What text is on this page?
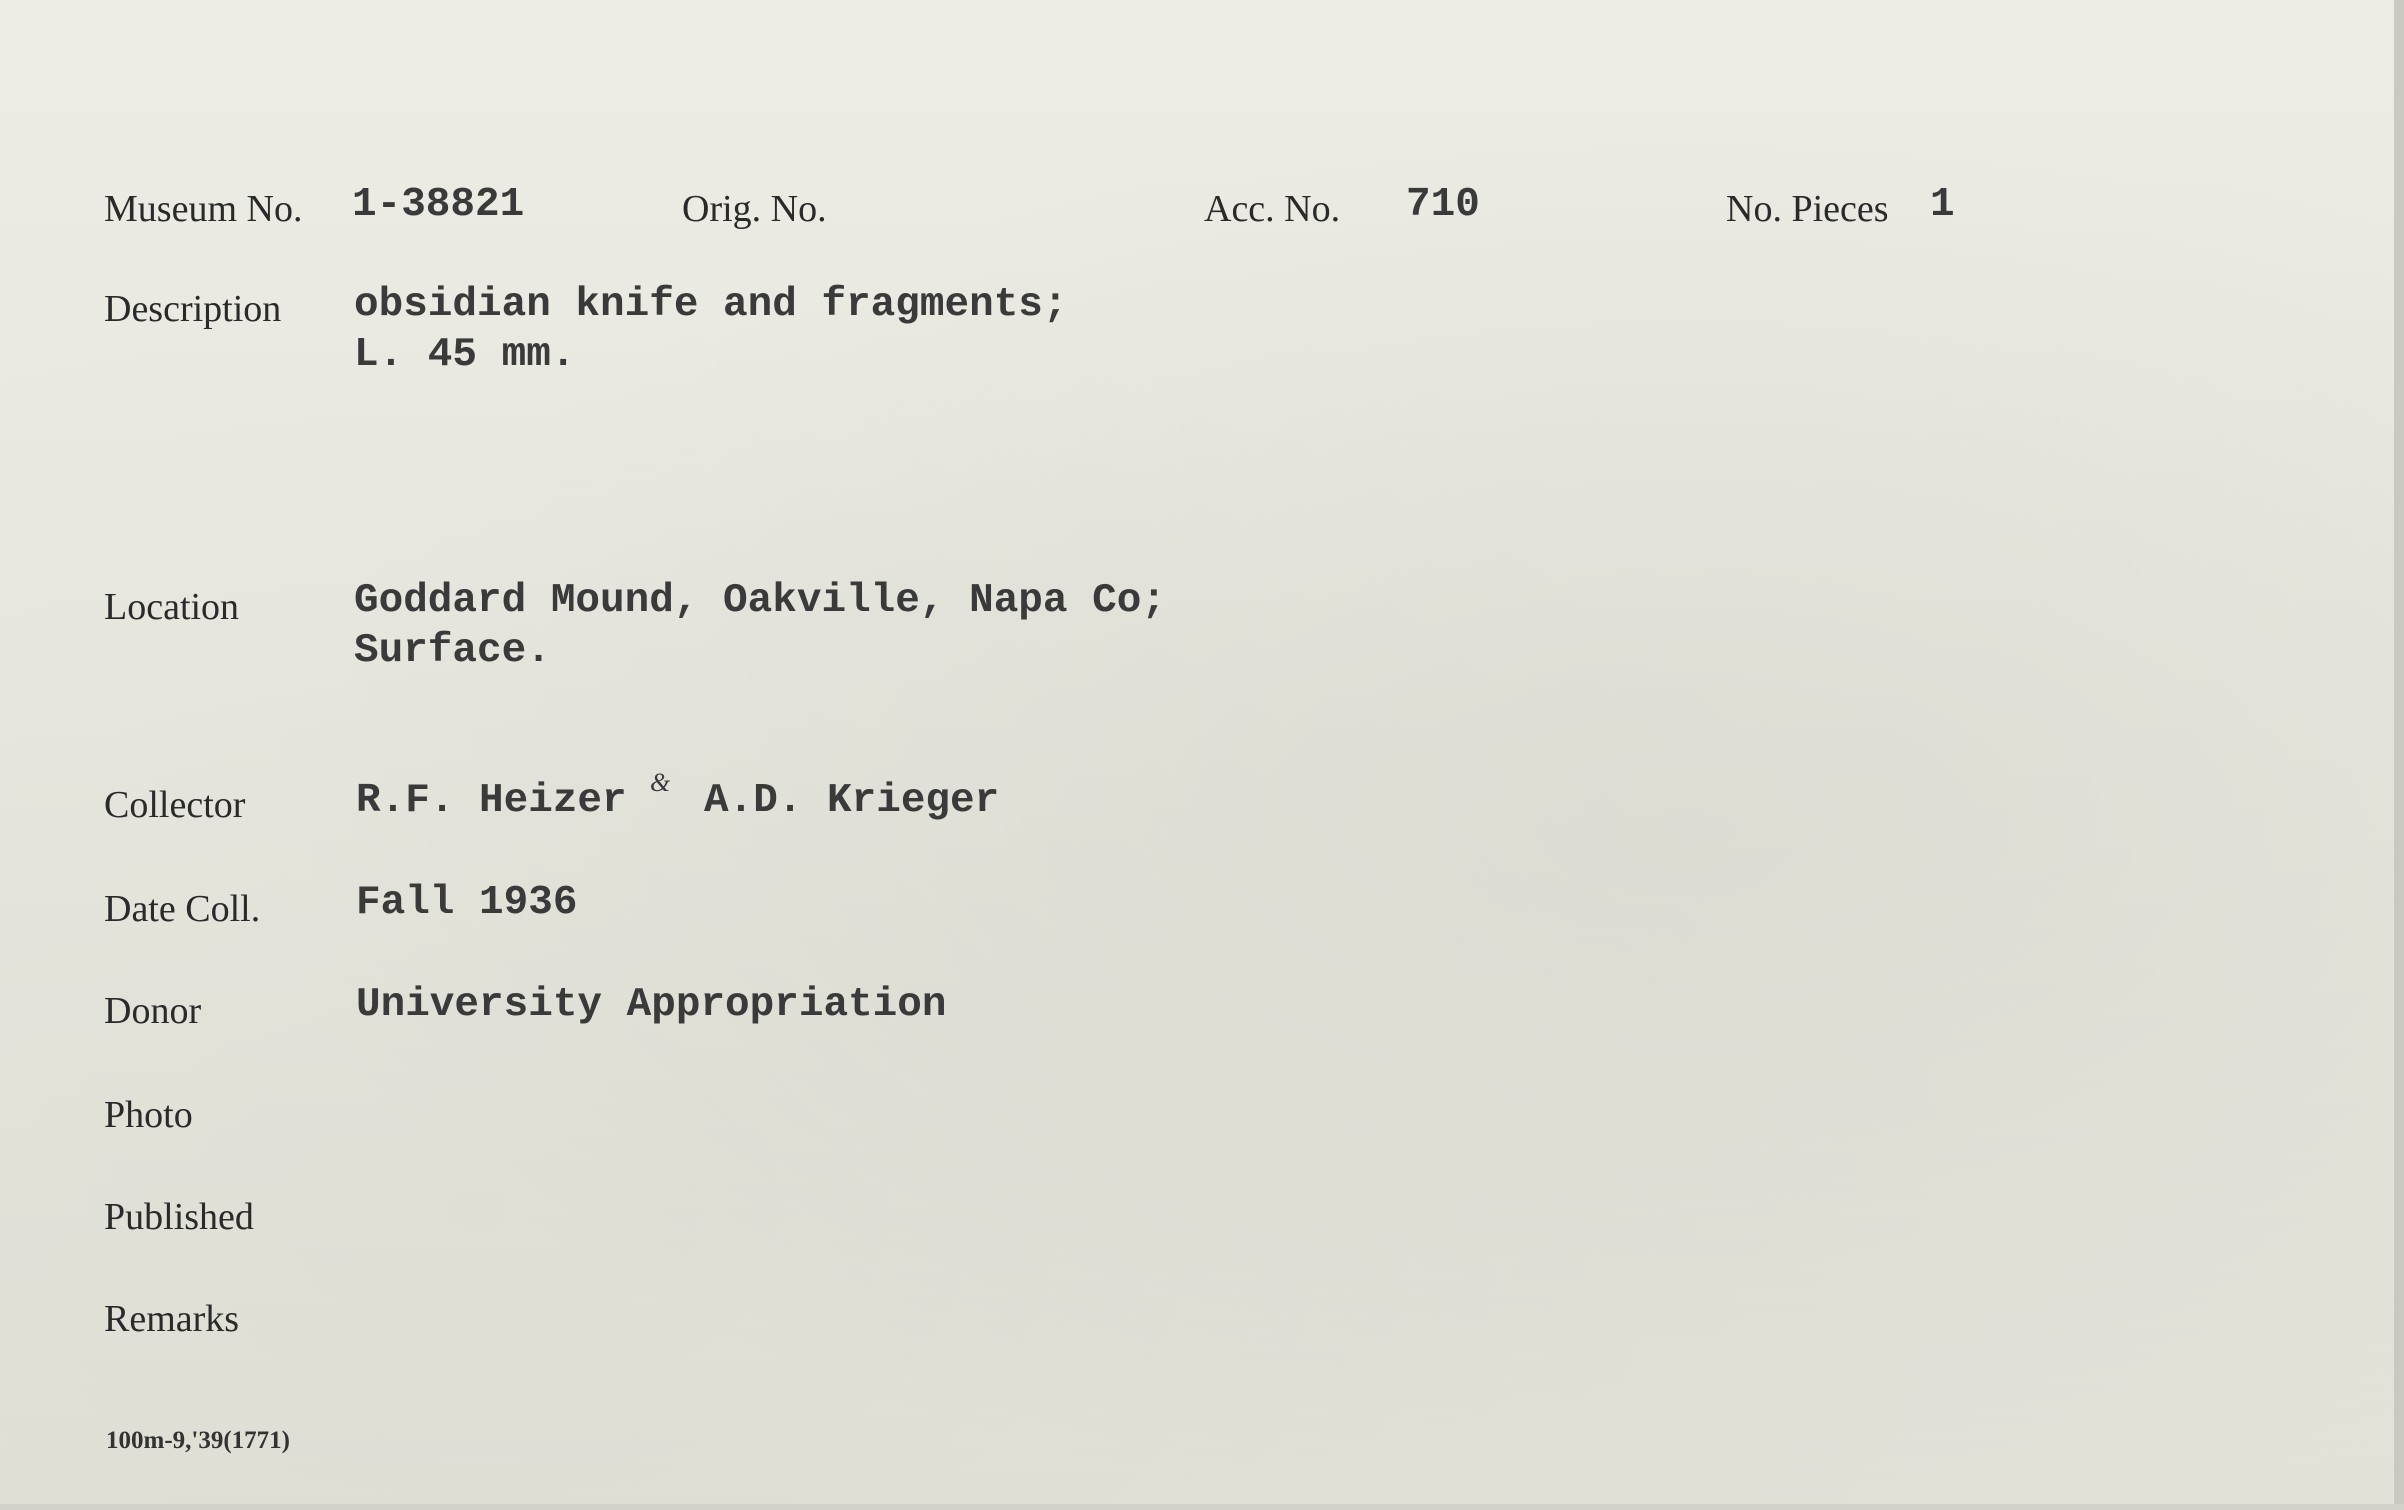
Museum No. 1-38821	Orig. No.	Acc. No. 710	No. Pieces 1
Description obsidian knife and fragments;
L. 45 mm.
Location	Goddard Mound, Oakville, Napa Co;
Surface.
Collector	R.F. Heizer & A.D. Krieger
Date Coll. Fall 1936
Donor	University Appropriation
Photo
Published
Remarks
100m-9,'39(1771)
